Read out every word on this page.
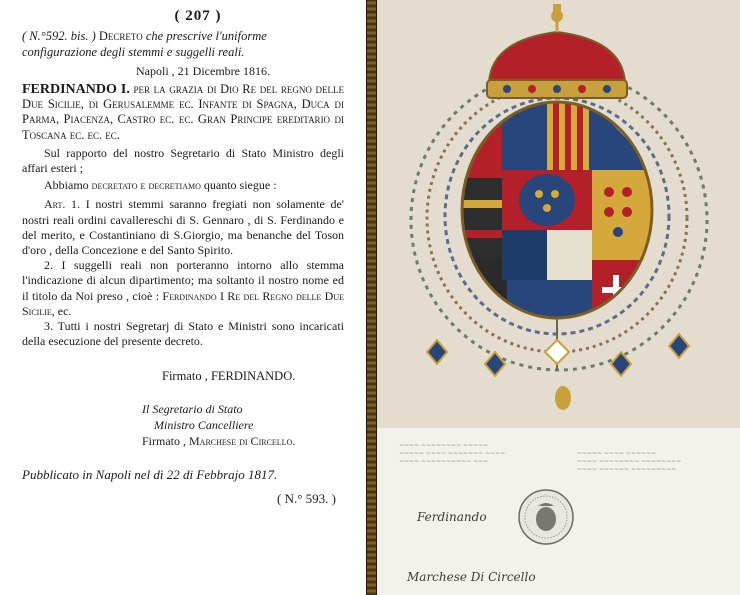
( 207 )
( N.°592. bis. ) Decreto che prescrive l'uniforme configurazione degli stemmi e suggelli reali.
Napoli , 21 Dicembre 1816.
FERDINANDO I. per la grazia di Dio Re del regno delle Due Sicilie, di Gerusalemme ec. Infante di Spagna, Duca di Parma, Piacenza, Castro ec. ec. Gran Principe ereditario di Toscana ec. ec. ec.
Sul rapporto del nostro Segretario di Stato Ministro degli affari esteri ;
Abbiamo decretato e decretiamo quanto siegue :
Art. 1. I nostri stemmi saranno fregiati non solamente de' nostri reali ordini cavallereschi di S. Gennaro , di S. Ferdinando e del merito, e Costantiniano di S.Giorgio, ma benanche del Toson d'oro , della Concezione e del Santo Spirito.
2. I suggelli reali non porteranno intorno allo stemma l'indicazione di alcun dipartimento; ma soltanto il nostro nome ed il titolo da Noi preso , cioè : Ferdinando I Re del Regno delle Due Sicilie, ec.
3. Tutti i nostri Segretarj di Stato e Ministri sono incaricati della esecuzione del presente decreto.
Firmato , FERDINANDO.
Il Segretario di Stato
Ministro Cancelliere
Firmato , Marchese di Circello.
Pubblicato in Napoli nel dì 22 di Febbrajo 1817.
( N.° 593. )
~~~~ ~~~~~~~~ ~~~~~
~~~~~ ~~~~ ~~~~~~~ ~~~~
~~~~ ~~~~~~~~~~ ~~~
~~~~~ ~~~~ ~~~~~~
~~~~ ~~~~~~~~ ~~~~~~~~
~~~~ ~~~~~~ ~~~~~~~~~
Ferdinando
Marchese Di Circello
